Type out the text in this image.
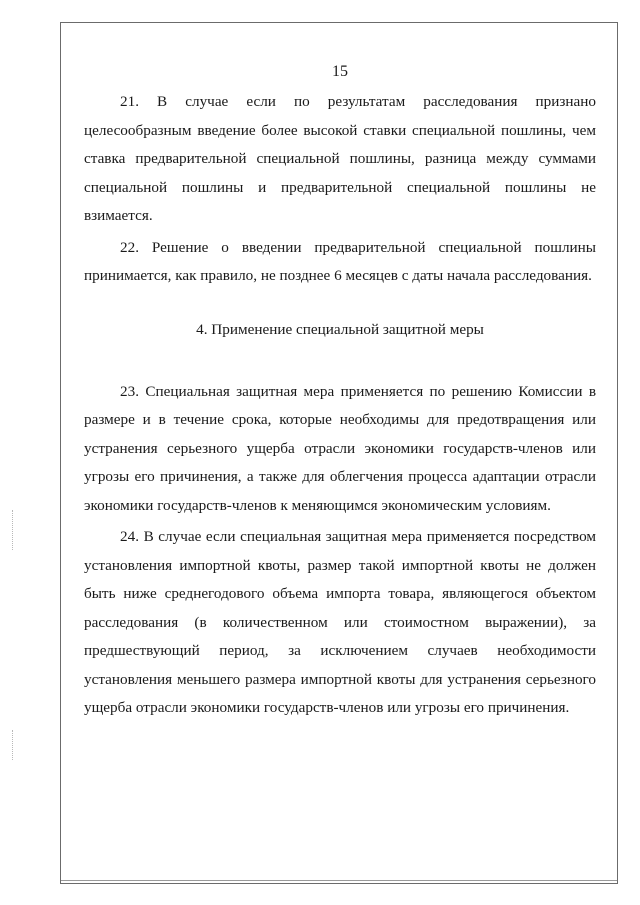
15

21. В случае если по результатам расследования признано целесообразным введение более высокой ставки специальной пошлины, чем ставка предварительной специальной пошлины, разница между суммами специальной пошлины и предварительной специальной пошлины не взимается.

22. Решение о введении предварительной специальной пошлины принимается, как правило, не позднее 6 месяцев с даты начала расследования.

4. Применение специальной защитной меры

23. Специальная защитная мера применяется по решению Комиссии в размере и в течение срока, которые необходимы для предотвращения или устранения серьезного ущерба отрасли экономики государств-членов или угрозы его причинения, а также для облегчения процесса адаптации отрасли экономики государств-членов к меняющимся экономическим условиям.

24. В случае если специальная защитная мера применяется посредством установления импортной квоты, размер такой импортной квоты не должен быть ниже среднегодового объема импорта товара, являющегося объектом расследования (в количественном или стоимостном выражении), за предшествующий период, за исключением случаев необходимости установления меньшего размера импортной квоты для устранения серьезного ущерба отрасли экономики государств-членов или угрозы его причинения.
